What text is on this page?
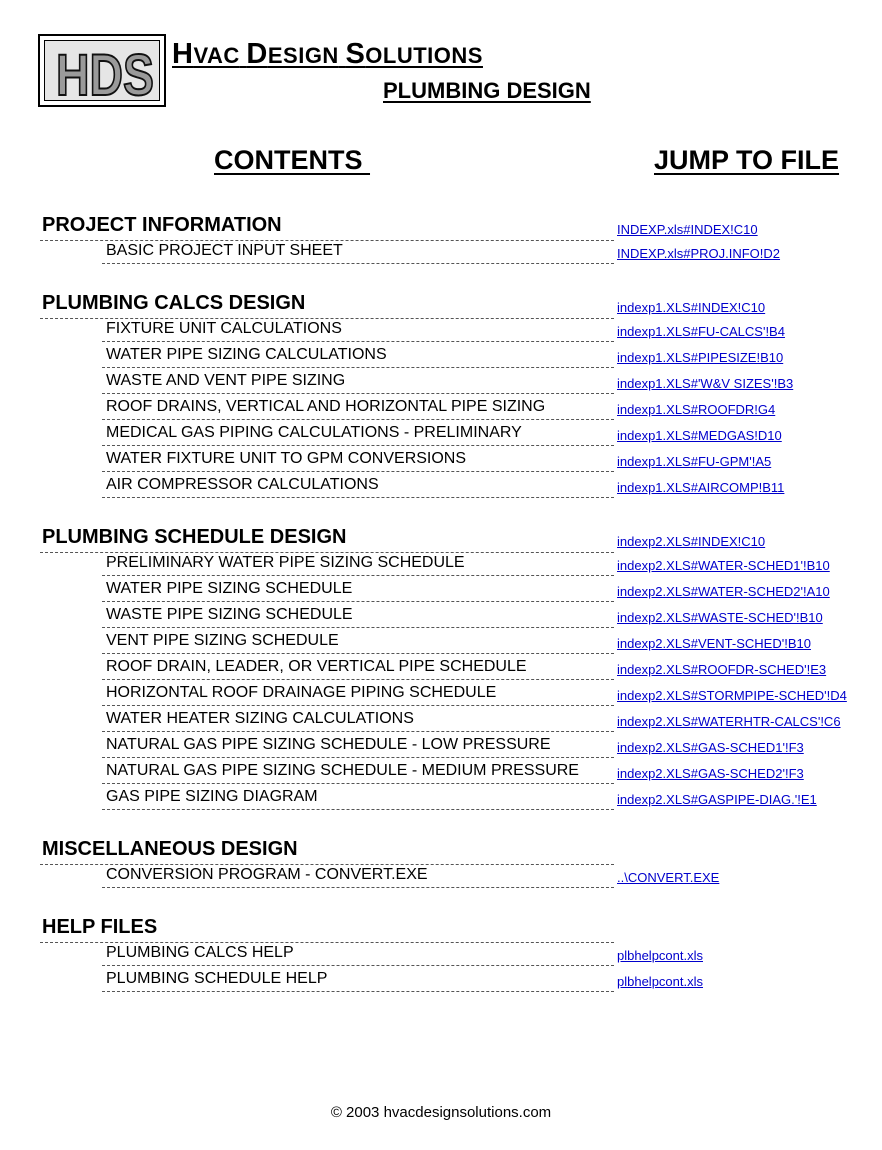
HDS HVAC DESIGN SOLUTIONS
PLUMBING DESIGN
CONTENTS	JUMP TO FILE
PROJECT INFORMATION	INDEXP.xls#INDEX!C10
BASIC PROJECT INPUT SHEET	INDEXP.xls#PROJ.INFO!D2
PLUMBING CALCS DESIGN	indexp1.XLS#INDEX!C10
FIXTURE UNIT CALCULATIONS	indexp1.XLS#FU-CALCS'!B4
WATER PIPE SIZING CALCULATIONS	indexp1.XLS#PIPESIZE!B10
WASTE AND VENT PIPE SIZING	indexp1.XLS#'W&V SIZES'!B3
ROOF DRAINS, VERTICAL AND HORIZONTAL PIPE SIZING	indexp1.XLS#ROOFDR!G4
MEDICAL GAS PIPING CALCULATIONS - PRELIMINARY	indexp1.XLS#MEDGAS!D10
WATER FIXTURE UNIT TO GPM CONVERSIONS	indexp1.XLS#FU-GPM'!A5
AIR COMPRESSOR CALCULATIONS	indexp1.XLS#AIRCOMP!B11
PLUMBING SCHEDULE DESIGN	indexp2.XLS#INDEX!C10
PRELIMINARY WATER PIPE SIZING SCHEDULE	indexp2.XLS#WATER-SCHED1'!B10
WATER PIPE SIZING SCHEDULE	indexp2.XLS#WATER-SCHED2'!A10
WASTE PIPE SIZING SCHEDULE	indexp2.XLS#WASTE-SCHED'!B10
VENT PIPE SIZING SCHEDULE	indexp2.XLS#VENT-SCHED'!B10
ROOF DRAIN, LEADER, OR VERTICAL PIPE SCHEDULE	indexp2.XLS#ROOFDR-SCHED'!E3
HORIZONTAL ROOF DRAINAGE PIPING SCHEDULE	indexp2.XLS#STORMPIPE-SCHED'!D4
WATER HEATER SIZING CALCULATIONS	indexp2.XLS#WATERHTR-CALCS'!C6
NATURAL GAS PIPE SIZING SCHEDULE - LOW PRESSURE	indexp2.XLS#GAS-SCHED1'!F3
NATURAL GAS PIPE SIZING SCHEDULE - MEDIUM PRESSURE	indexp2.XLS#GAS-SCHED2'!F3
GAS PIPE SIZING DIAGRAM	indexp2.XLS#GASPIPE-DIAG.'!E1
MISCELLANEOUS DESIGN
CONVERSION PROGRAM - CONVERT.EXE	..\CONVERT.EXE
HELP FILES
PLUMBING CALCS HELP	plbhelpcont.xls
PLUMBING SCHEDULE HELP	plbhelpcont.xls
© 2003 hvacdesignsolutions.com
